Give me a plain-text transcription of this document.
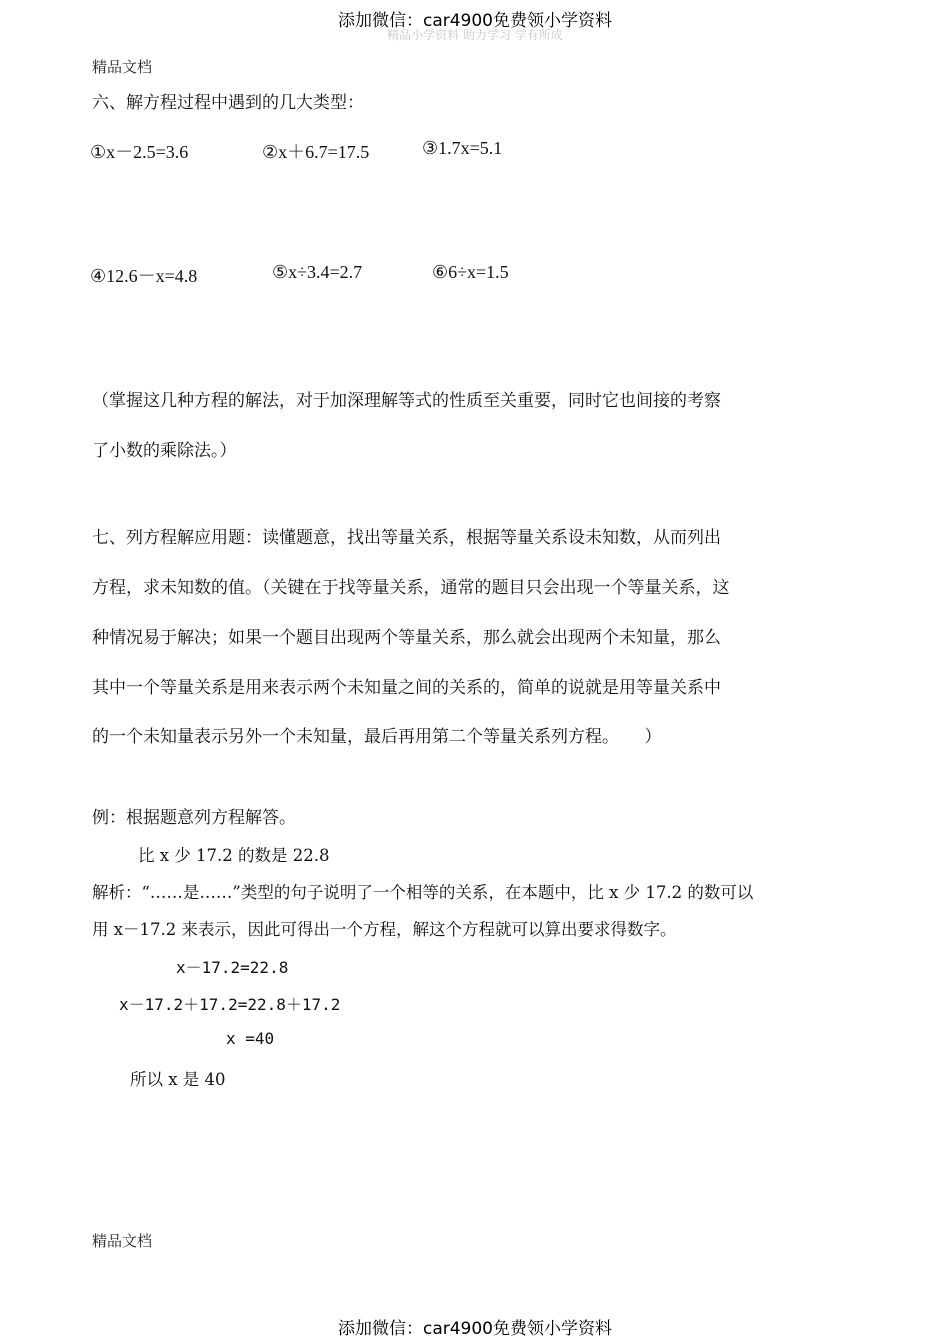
添加微信：car4900免费领小学资料
精品小学资料 助力学习 学有所成
精品文档
六、解方程过程中遇到的几大类型：
①x－2.5=3.6	②x＋6.7=17.5	③1.7x=5.1
④12.6－x=4.8	⑤x÷3.4=2.7	⑥6÷x=1.5
（掌握这几种方程的解法，对于加深理解等式的性质至关重要，同时它也间接的考察
了小数的乘除法。）
七、列方程解应用题：读懂题意，找出等量关系，根据等量关系设未知数，从而列出
方程，求未知数的值。（关键在于找等量关系，通常的题目只会出现一个等量关系，这
种情况易于解决；如果一个题目出现两个等量关系，那么就会出现两个未知量，那么
其中一个等量关系是用来表示两个未知量之间的关系的，简单的说就是用等量关系中
的一个未知量表示另外一个未知量，最后再用第二个等量关系列方程。　　）
例：根据题意列方程解答。
比 x 少 17.2 的数是 22.8
解析：“……是……”类型的句子说明了一个相等的关系，在本题中，比 x 少 17.2 的数可以
用 x－17.2 来表示，因此可得出一个方程，解这个方程就可以算出要求得数字。
x－17.2=22.8
x－17.2＋17.2=22.8＋17.2
x =40
所以 x 是 40
精品文档
添加微信：car4900免费领小学资料
